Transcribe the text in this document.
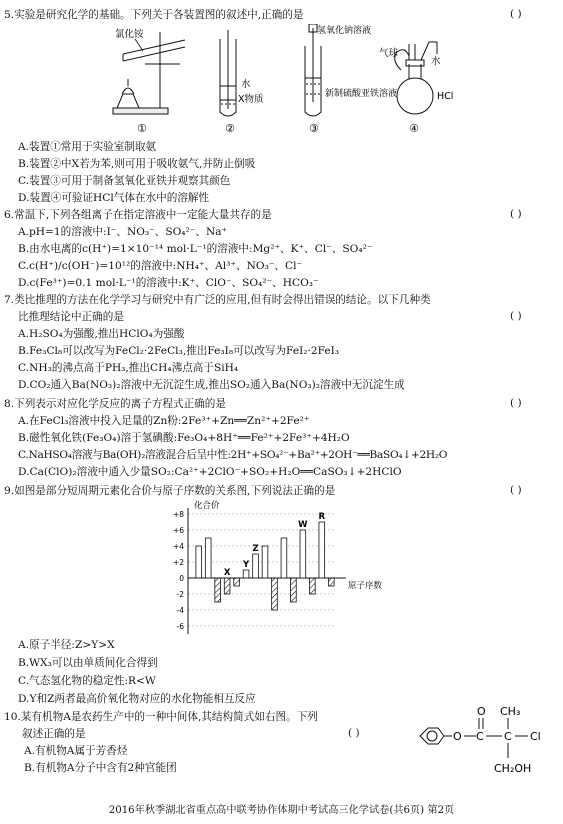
5.实验是研究化学的基础。下列关于各装置图的叙述中,正确的是	( )
氯化铵
①
水
X物质
②
氢氧化钠溶液
新制硫酸亚铁溶液
③
气球
水
HCl
④
A.装置①常用于实验室制取氨
B.装置②中X若为苯,则可用于吸收氨气,并防止倒吸
C.装置③可用于制备氢氧化亚铁并观察其颜色
D.装置④可验证HCl气体在水中的溶解性
6.常温下,下列各组离子在指定溶液中一定能大量共存的是	( )
A.pH=1的溶液中:I⁻、NO₃⁻、SO₄²⁻、Na⁺
B.由水电离的c(H⁺)=1×10⁻¹⁴ mol·L⁻¹的溶液中:Mg²⁺、K⁺、Cl⁻、SO₄²⁻
C.c(H⁺)/c(OH⁻)=10¹²的溶液中:NH₄⁺、Al³⁺、NO₃⁻、Cl⁻
D.c(Fe³⁺)=0.1 mol·L⁻¹的溶液中:K⁺、ClO⁻、SO₄²⁻、HCO₃⁻
7.类比推理的方法在化学学习与研究中有广泛的应用,但有时会得出错误的结论。以下几种类
比推理结论中正确的是	( )
A.H₂SO₄为强酸,推出HClO₄为强酸
B.Fe₃Cl₈可以改写为FeCl₂·2FeCl₃,推出Fe₃I₈可以改写为FeI₂·2FeI₃
C.NH₃的沸点高于PH₃,推出CH₄沸点高于SiH₄
D.CO₂通入Ba(NO₃)₂溶液中无沉淀生成,推出SO₂通入Ba(NO₃)₂溶液中无沉淀生成
8.下列表示对应化学反应的离子方程式正确的是	( )
A.在FeCl₃溶液中投入足量的Zn粉:2Fe³⁺+Zn══Zn²⁺+2Fe²⁺
B.磁性氧化铁(Fe₃O₄)溶于氢碘酸:Fe₃O₄+8H⁺══Fe²⁺+2Fe³⁺+4H₂O
C.NaHSO₄溶液与Ba(OH)₂溶液混合后呈中性:2H⁺+SO₄²⁻+Ba²⁺+2OH⁻══BaSO₄↓+2H₂O
D.Ca(ClO)₂溶液中通入少量SO₂:Ca²⁺+2ClO⁻+SO₂+H₂O══CaSO₃↓+2HClO
9.如图是部分短周期元素化合价与原子序数的关系图,下列说法正确的是	( )
+8
+6
+4
+2
0
-2
-4
-6
化合价
原子序数
X
Y
Z
W
R
A.原子半径:Z>Y>X
B.WX₃可以由单质间化合得到
C.气态氢化物的稳定性:R<W
D.Y和Z两者最高价氧化物对应的水化物能相互反应
10.某有机物A是农药生产中的一种中间体,其结构简式如右图。下列
叙述正确的是	( )
A.有机物A属于芳香烃
B.有机物A分子中含有2种官能团
O C
O
C
CH₃
Cl
CH₂OH
2016年秋季湖北省重点高中联考协作体期中考试高三化学试卷(共6页) 第2页
